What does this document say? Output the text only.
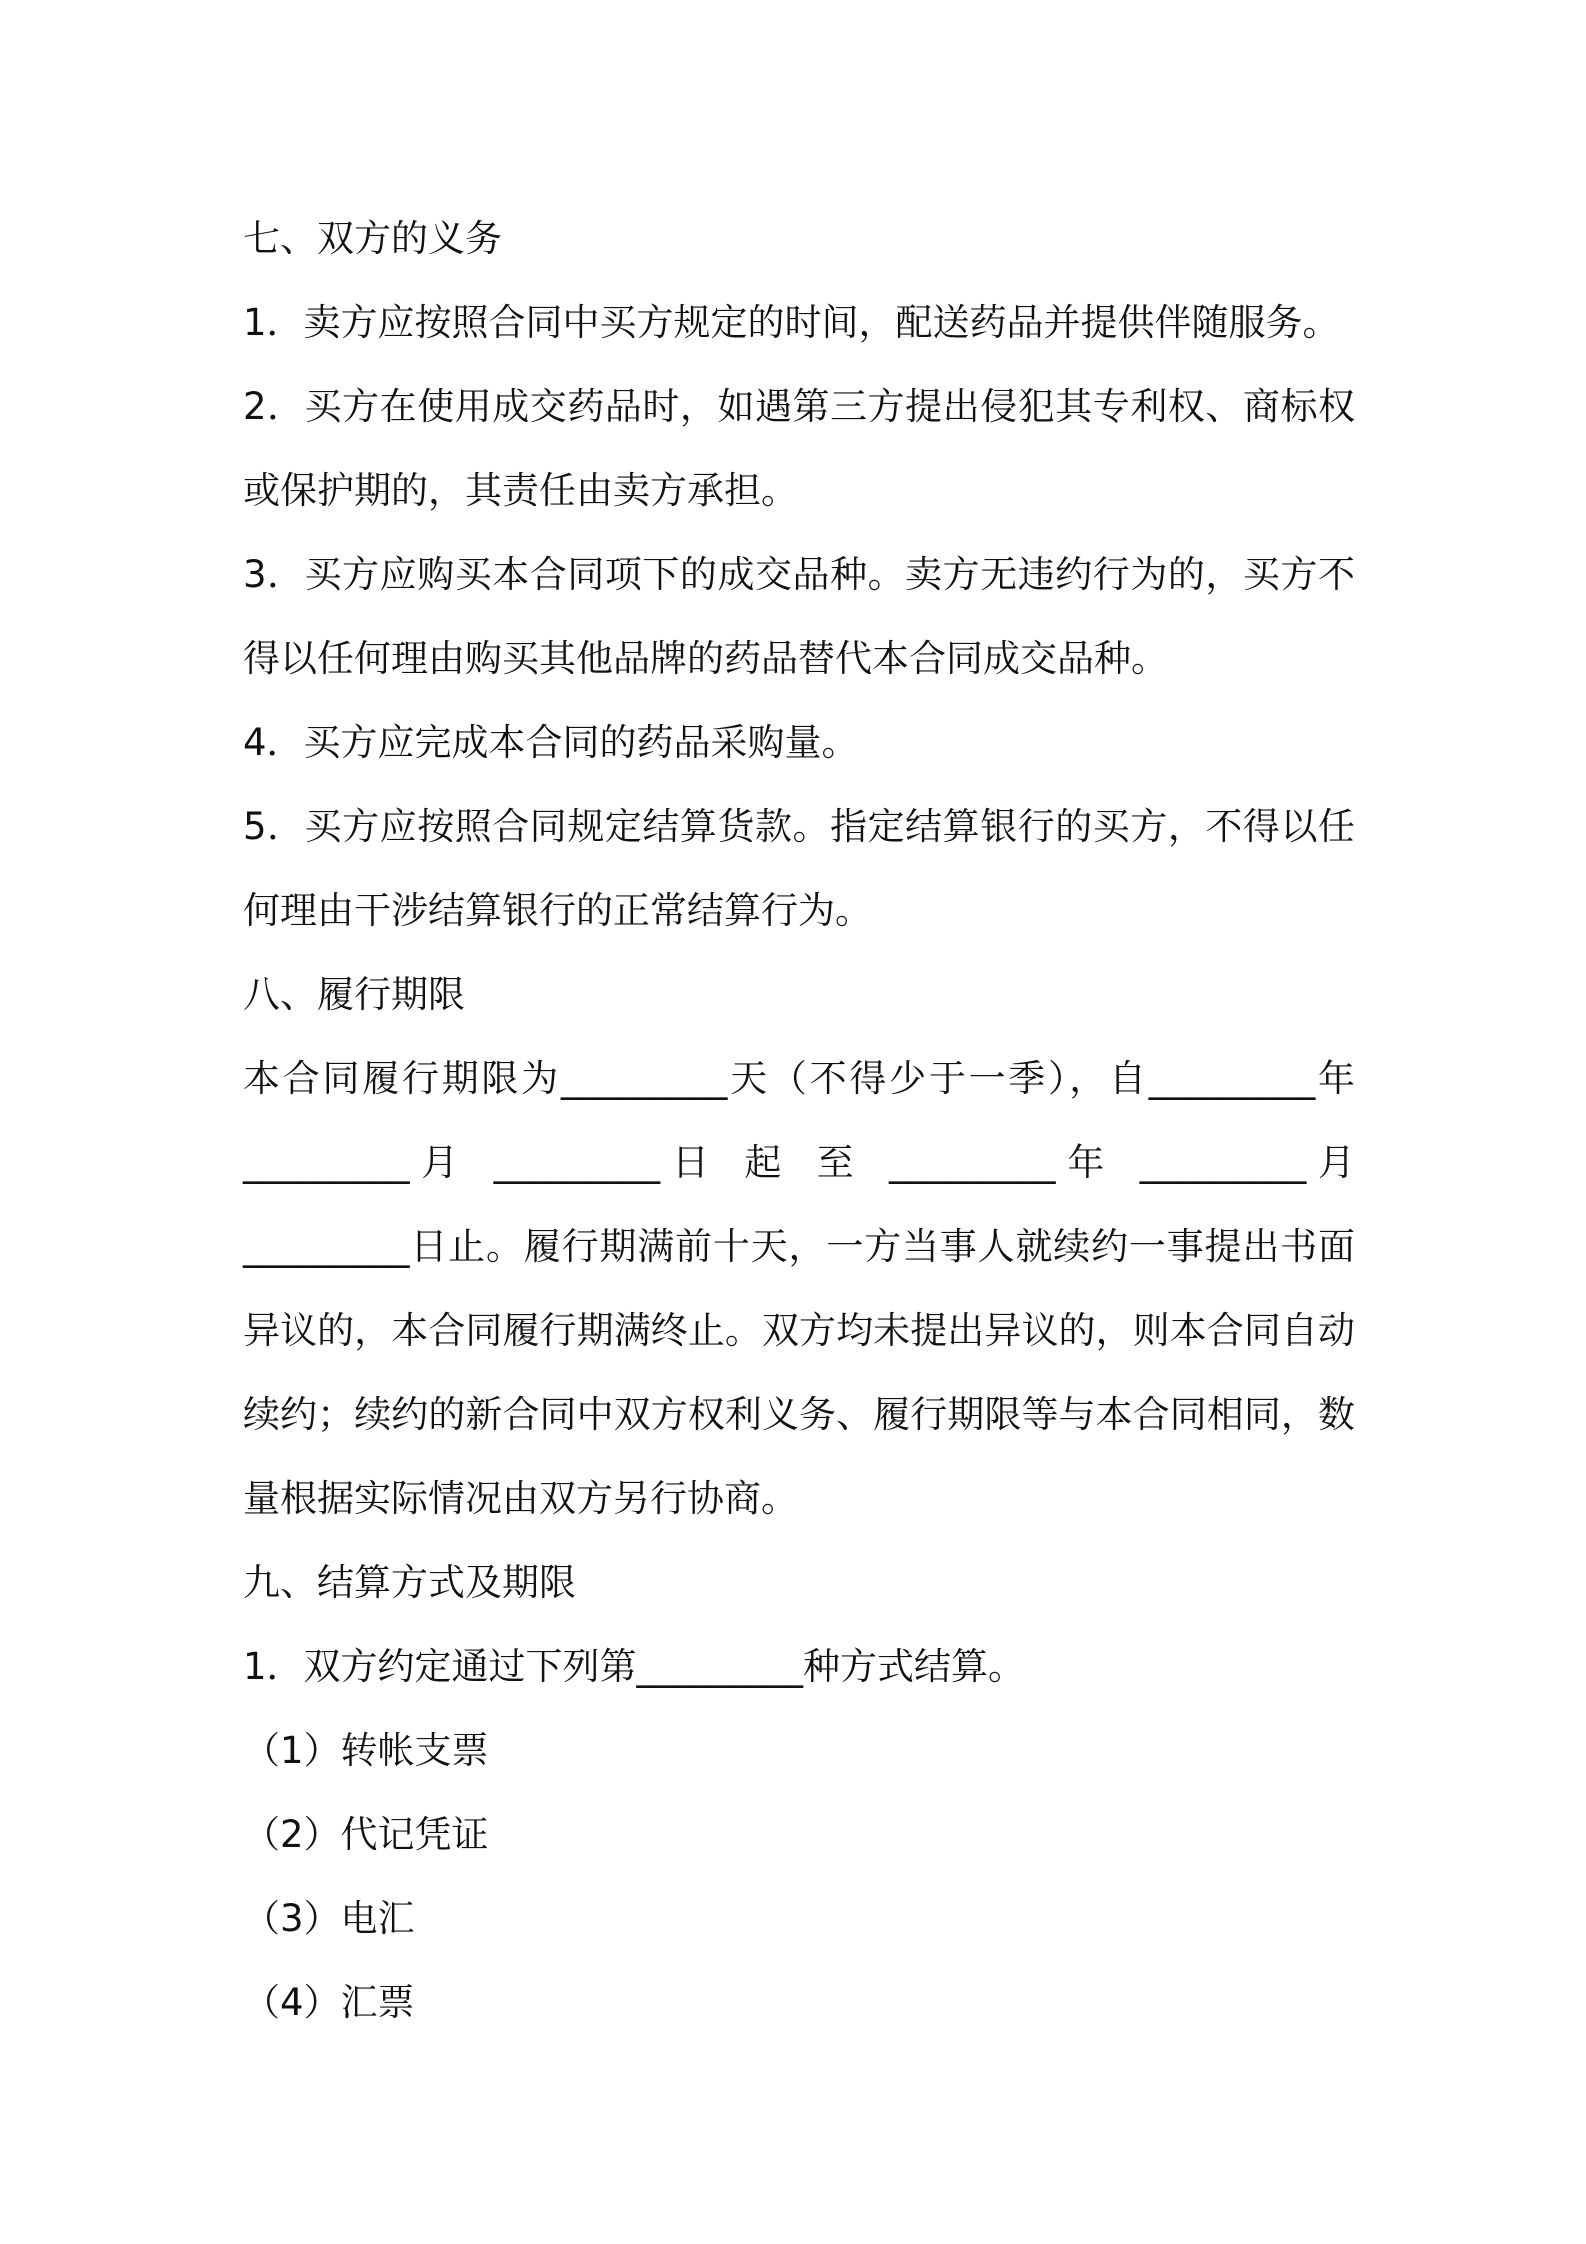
七、双方的义务
1．卖方应按照合同中买方规定的时间，配送药品并提供伴随服务。
2．买方在使用成交药品时，如遇第三方提出侵犯其专利权、商标权
或保护期的，其责任由卖方承担。
3．买方应购买本合同项下的成交品种。卖方无违约行为的，买方不
得以任何理由购买其他品牌的药品替代本合同成交品种。
4．买方应完成本合同的药品采购量。
5．买方应按照合同规定结算货款。指定结算银行的买方，不得以任
何理由干涉结算银行的正常结算行为。
八、履行期限
本合同履行期限为_________天（不得少于一季），自_________年
_________月 _________日 起 至 _________年 _________月
_________日止。履行期满前十天，一方当事人就续约一事提出书面
异议的，本合同履行期满终止。双方均未提出异议的，则本合同自动
续约；续约的新合同中双方权利义务、履行期限等与本合同相同，数
量根据实际情况由双方另行协商。
九、结算方式及期限
1．双方约定通过下列第_________种方式结算。
（1）转帐支票
（2）代记凭证
（3）电汇
（4）汇票
